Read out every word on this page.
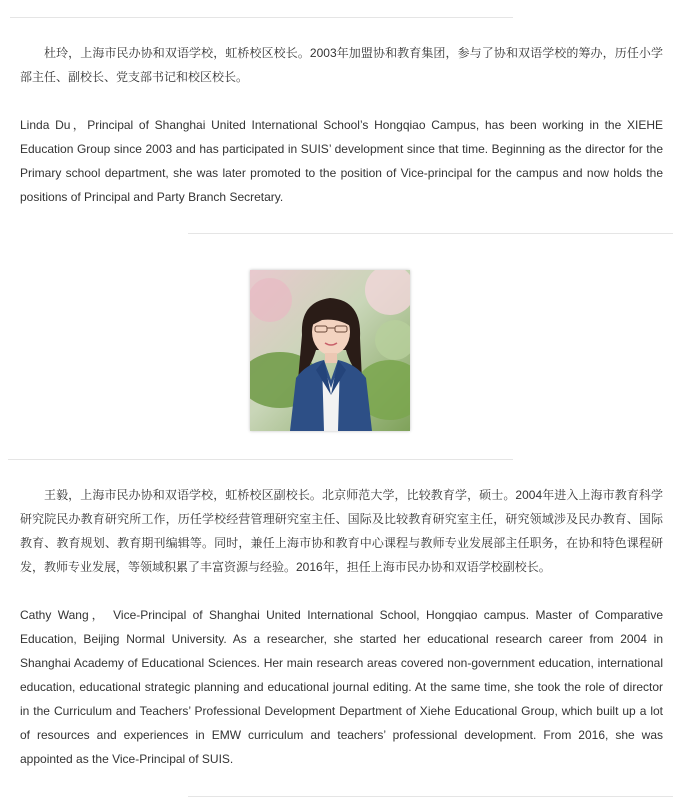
杜玲，上海市民办协和双语学校，虹桥校区校长。2003年加盟协和教育集团，参与了协和双语学校的筹办，历任小学部主任、副校长、党支部书记和校区校长。

Linda Du，Principal of Shanghai United International School’s Hongqiao Campus, has been working in the XIEHE Education Group since 2003 and has participated in SUIS’ development since that time. Beginning as the director for the Primary school department, she was later promoted to the position of Vice-principal for the campus and now holds the positions of Principal and Party Branch Secretary.

王毅，上海市民办协和双语学校，虹桥校区副校长。北京师范大学，比较教育学，硕士。2004年进入上海市教育科学研究院民办教育研究所工作，历任学校经营管理研究室主任、国际及比较教育研究室主任，研究领域涉及民办教育、国际教育、教育规划、教育期刊编辑等。同时，兼任上海市协和教育中心课程与教师专业发展部主任职务，在协和特色课程研发，教师专业发展，等领域积累了丰富资源与经验。2016年，担任上海市民办协和双语学校副校长。

Cathy Wang， Vice-Principal of Shanghai United International School, Hongqiao campus. Master of Comparative Education, Beijing Normal University. As a researcher, she started her educational research career from 2004 in Shanghai Academy of Educational Sciences. Her main research areas covered non-government education, international education, educational strategic planning and educational journal editing. At the same time, she took the role of director in the Curriculum and Teachers’ Professional Development Department of Xiehe Educational Group, which built up a lot of resources and experiences in EMW curriculum and teachers’ professional development. From 2016, she was appointed as the Vice-Principal of SUIS.
